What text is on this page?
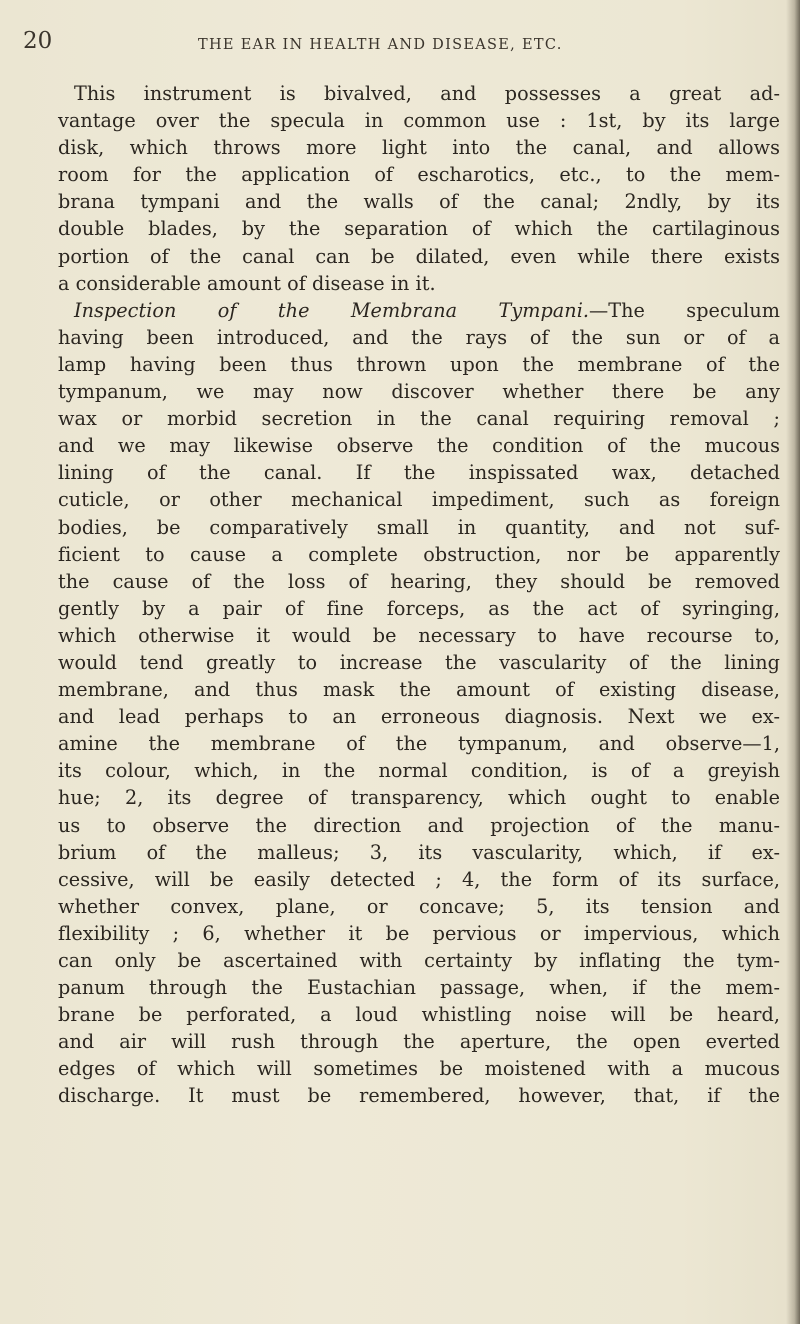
20	THE EAR IN HEALTH AND DISEASE, ETC.
This instrument is bivalved, and possesses a great ad-
vantage over the specula in common use : 1st, by its large
disk, which throws more light into the canal, and allows
room for the application of escharotics, etc., to the mem-
brana tympani and the walls of the canal; 2ndly, by its
double blades, by the separation of which the cartilaginous
portion of the canal can be dilated, even while there exists
a considerable amount of disease in it.
Inspection of the Membrana Tympani.—The speculum
having been introduced, and the rays of the sun or of a
lamp having been thus thrown upon the membrane of the
tympanum, we may now discover whether there be any
wax or morbid secretion in the canal requiring removal ;
and we may likewise observe the condition of the mucous
lining of the canal. If the inspissated wax, detached
cuticle, or other mechanical impediment, such as foreign
bodies, be comparatively small in quantity, and not suf-
ficient to cause a complete obstruction, nor be apparently
the cause of the loss of hearing, they should be removed
gently by a pair of fine forceps, as the act of syringing,
which otherwise it would be necessary to have recourse to,
would tend greatly to increase the vascularity of the lining
membrane, and thus mask the amount of existing disease,
and lead perhaps to an erroneous diagnosis. Next we ex-
amine the membrane of the tympanum, and observe—1,
its colour, which, in the normal condition, is of a greyish
hue; 2, its degree of transparency, which ought to enable
us to observe the direction and projection of the manu-
brium of the malleus; 3, its vascularity, which, if ex-
cessive, will be easily detected ; 4, the form of its surface,
whether convex, plane, or concave; 5, its tension and
flexibility ; 6, whether it be pervious or impervious, which
can only be ascertained with certainty by inflating the tym-
panum through the Eustachian passage, when, if the mem-
brane be perforated, a loud whistling noise will be heard,
and air will rush through the aperture, the open everted
edges of which will sometimes be moistened with a mucous
discharge. It must be remembered, however, that, if the
